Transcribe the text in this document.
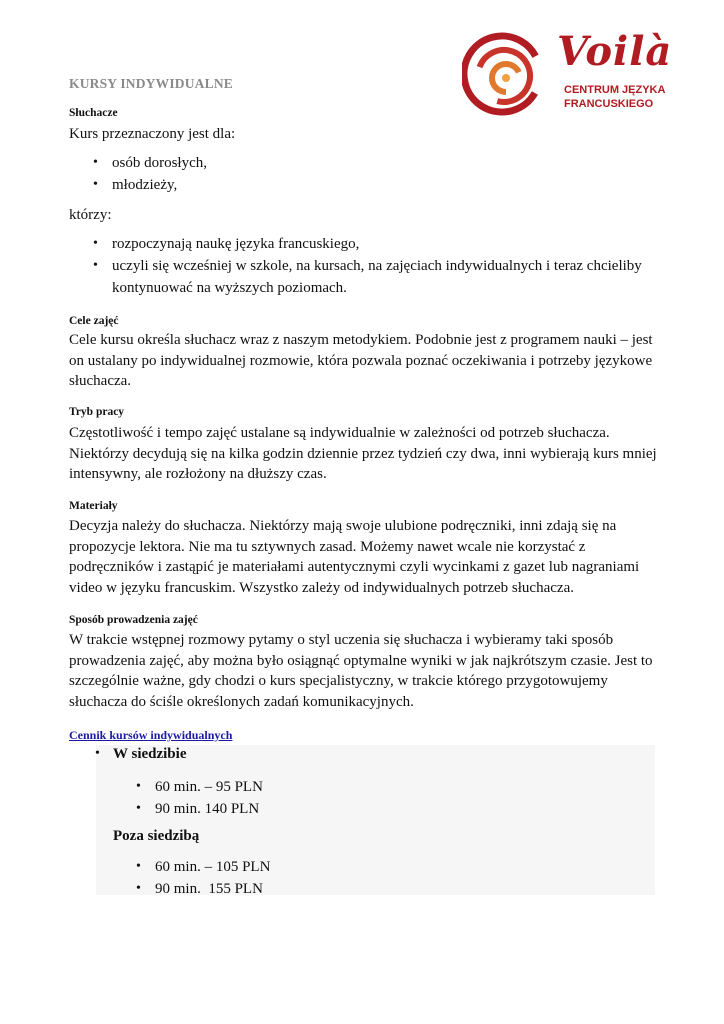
Voilà
CENTRUM JĘZYKA
FRANCUSKIEGO
KURSY INDYWIDUALNE
Słuchacze

Kurs przeznaczony jest dla:

• osób dorosłych,
• młodzieży,

którzy:

• rozpoczynają naukę języka francuskiego,
• uczyli się wcześniej w szkole, na kursach, na zajęciach indywidualnych i teraz chcieliby kontynuować na wyższych poziomach.
Cele zajęć

Cele kursu określa słuchacz wraz z naszym metodykiem. Podobnie jest z programem nauki – jest on ustalany po indywidualnej rozmowie, która pozwala poznać oczekiwania i potrzeby językowe słuchacza.

Tryb pracy

Częstotliwość i tempo zajęć ustalane są indywidualnie w zależności od potrzeb słuchacza. Niektórzy decydują się na kilka godzin dziennie przez tydzień czy dwa, inni wybierają kurs mniej intensywny, ale rozłożony na dłuższy czas.

Materiały

Decyzja należy do słuchacza. Niektórzy mają swoje ulubione podręczniki, inni zdają się na propozycje lektora. Nie ma tu sztywnych zasad. Możemy nawet wcale nie korzystać z podręczników i zastąpić je materiałami autentycznymi czyli wycinkami z gazet lub nagraniami video w języku francuskim. Wszystko zależy od indywidualnych potrzeb słuchacza.

Sposób prowadzenia zajęć

W trakcie wstępnej rozmowy pytamy o styl uczenia się słuchacza i wybieramy taki sposób prowadzenia zajęć, aby można było osiągnąć optymalne wyniki w jak najkrótszym czasie. Jest to szczególnie ważne, gdy chodzi o kurs specjalistyczny, w trakcie którego przygotowujemy słuchacza do ściśle określonych zadań komunikacyjnych.

Cennik kursów indywidualnych
• W siedzibie
• 60 min. – 95 PLN
• 90 min. 140 PLN
Poza siedzibą
• 60 min. – 105 PLN
• 90 min.  155 PLN
